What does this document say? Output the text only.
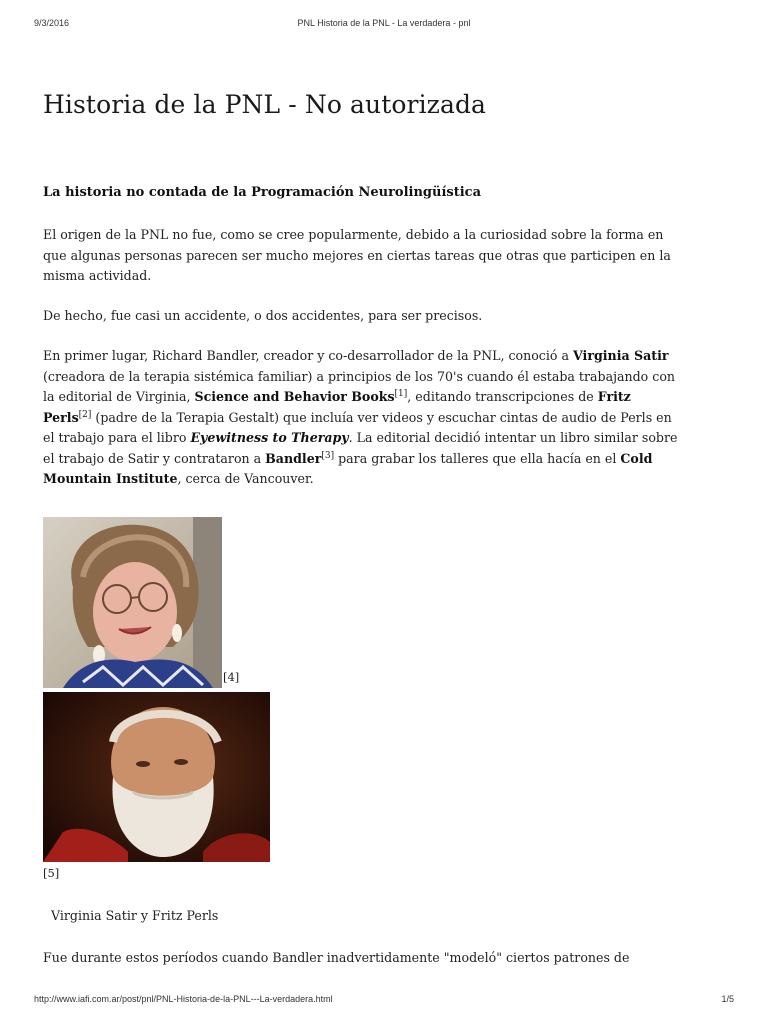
9/3/2016	PNL Historia de la PNL - La verdadera - pnl
Historia de la PNL - No autorizada

La historia no contada de la Programación Neurolingüística

El origen de la PNL no fue, como se cree popularmente, debido a la curiosidad sobre la forma en que algunas personas parecen ser mucho mejores en ciertas tareas que otras que participen en la misma actividad.

De hecho, fue casi un accidente, o dos accidentes, para ser precisos.

En primer lugar, Richard Bandler, creador y co-desarrollador de la PNL, conoció a Virginia Satir (creadora de la terapia sistémica familiar) a principios de los 70's cuando él estaba trabajando con la editorial de Virginia, Science and Behavior Books[1], editando transcripciones de Fritz Perls[2] (padre de la Terapia Gestalt) que incluía ver videos y escuchar cintas de audio de Perls en el trabajo para el libro Eyewitness to Therapy. La editorial decidió intentar un libro similar sobre el trabajo de Satir y contrataron a Bandler[3] para grabar los talleres que ella hacía en el Cold Mountain Institute, cerca de Vancouver.

[4]
[5]

Virginia Satir y Fritz Perls

Fue durante estos períodos cuando Bandler inadvertidamente "modeló" ciertos patrones de

http://www.iafi.com.ar/post/pnl/PNL-Historia-de-la-PNL---La-verdadera.html	1/5
